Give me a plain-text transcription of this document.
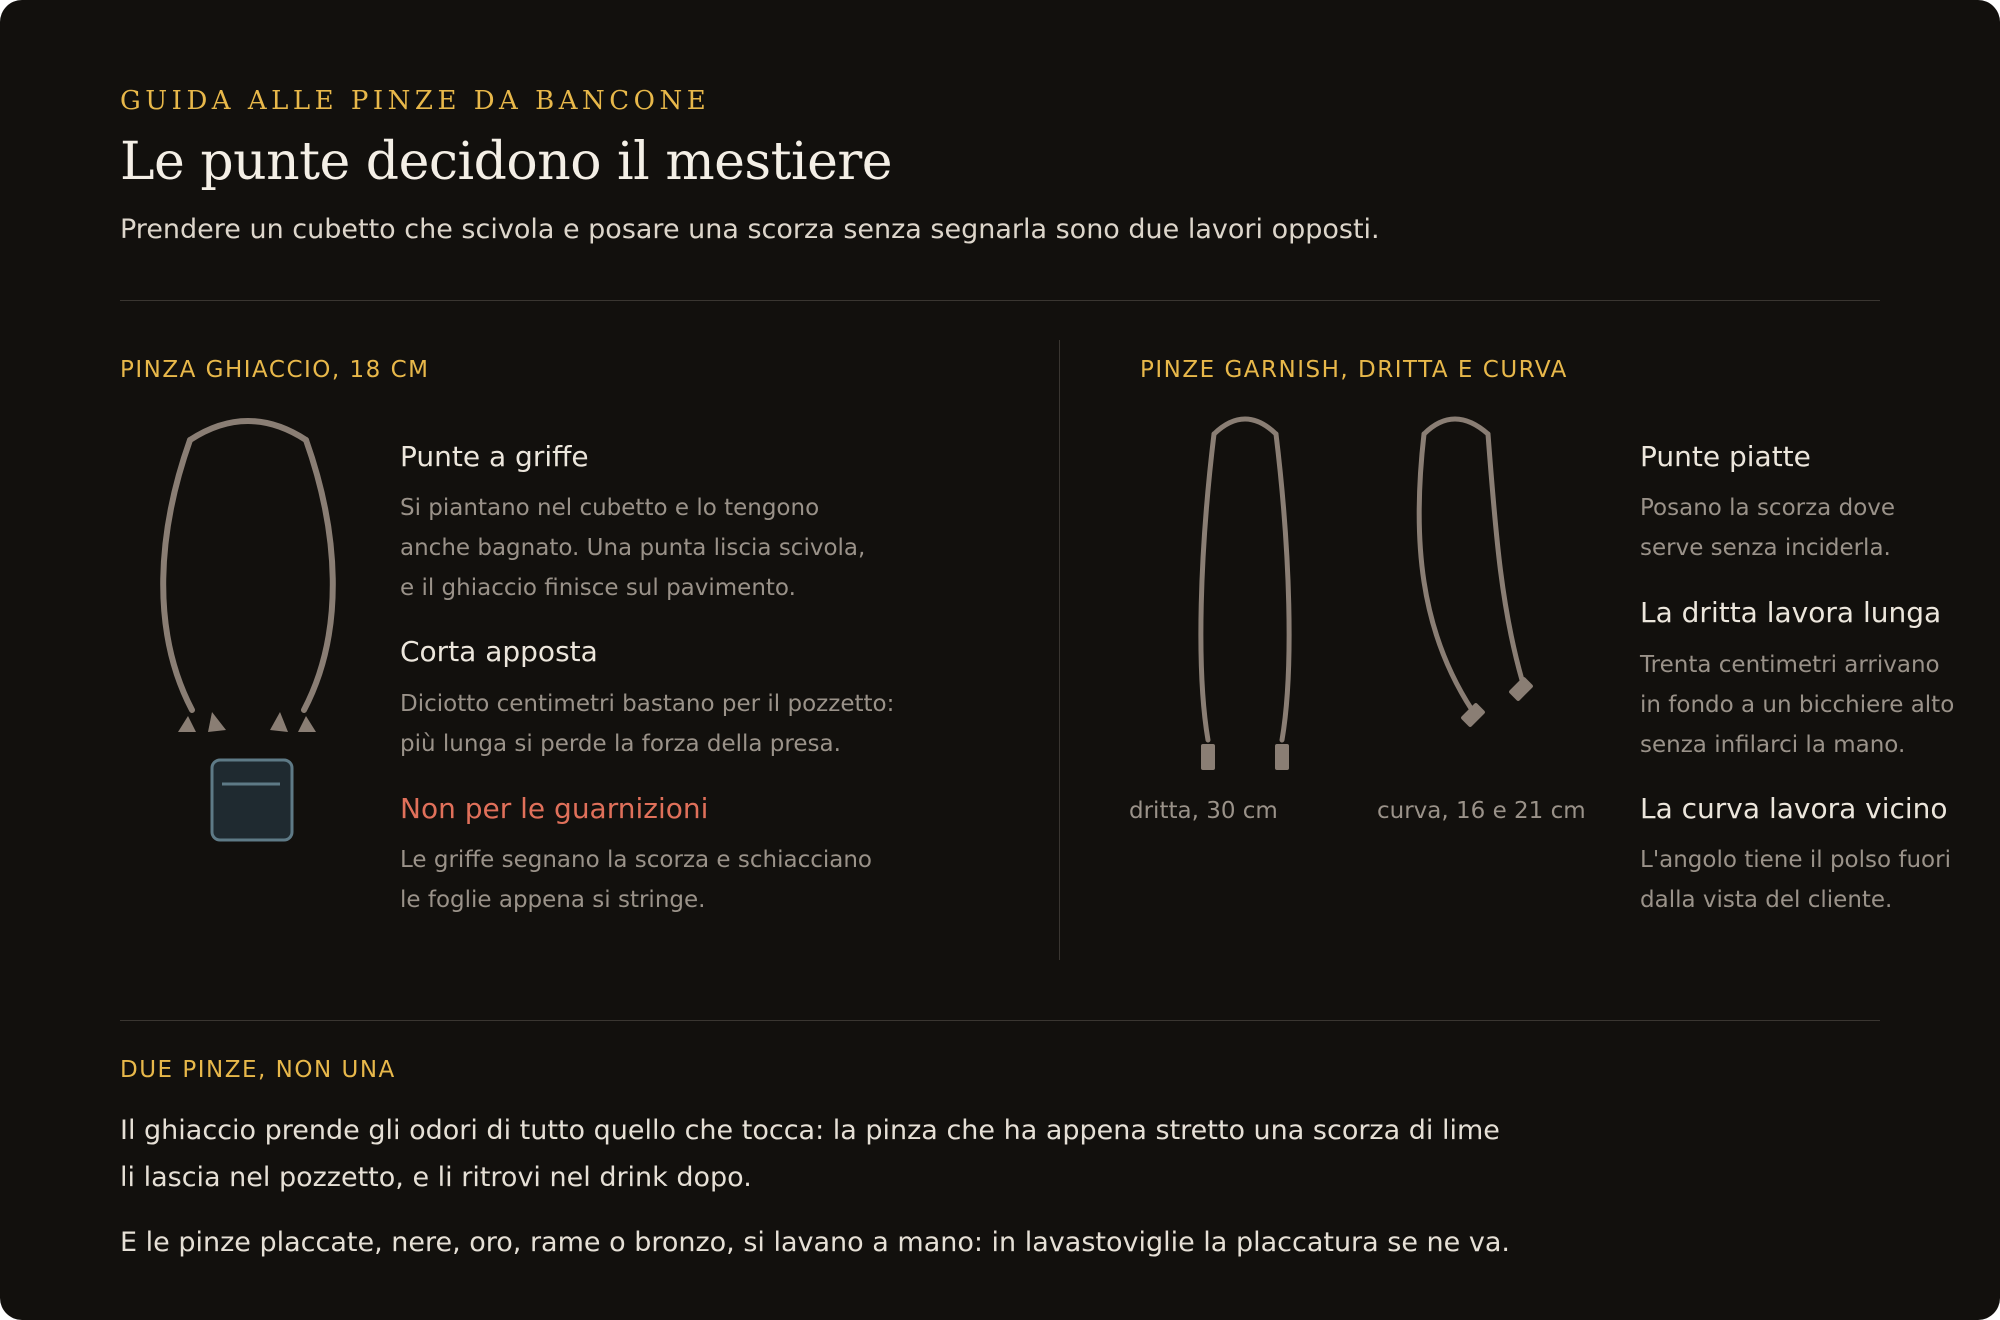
GUIDA ALLE PINZE DA BANCONE
Le punte decidono il mestiere
Prendere un cubetto che scivola e posare una scorza senza segnarla sono due lavori opposti.
PINZA GHIACCIO, 18 CM
Punte a griffe
Si piantano nel cubetto e lo tengono
anche bagnato. Una punta liscia scivola,
e il ghiaccio finisce sul pavimento.
Corta apposta
Diciotto centimetri bastano per il pozzetto:
più lunga si perde la forza della presa.
Non per le guarnizioni
Le griffe segnano la scorza e schiacciano
le foglie appena si stringe.
PINZE GARNISH, DRITTA E CURVA
dritta, 30 cm	curva, 16 e 21 cm
Punte piatte
Posano la scorza dove
serve senza inciderla.
La dritta lavora lunga
Trenta centimetri arrivano
in fondo a un bicchiere alto
senza infilarci la mano.
La curva lavora vicino
L'angolo tiene il polso fuori
dalla vista del cliente.
DUE PINZE, NON UNA
Il ghiaccio prende gli odori di tutto quello che tocca: la pinza che ha appena stretto una scorza di lime
li lascia nel pozzetto, e li ritrovi nel drink dopo.
E le pinze placcate, nere, oro, rame o bronzo, si lavano a mano: in lavastoviglie la placcatura se ne va.
